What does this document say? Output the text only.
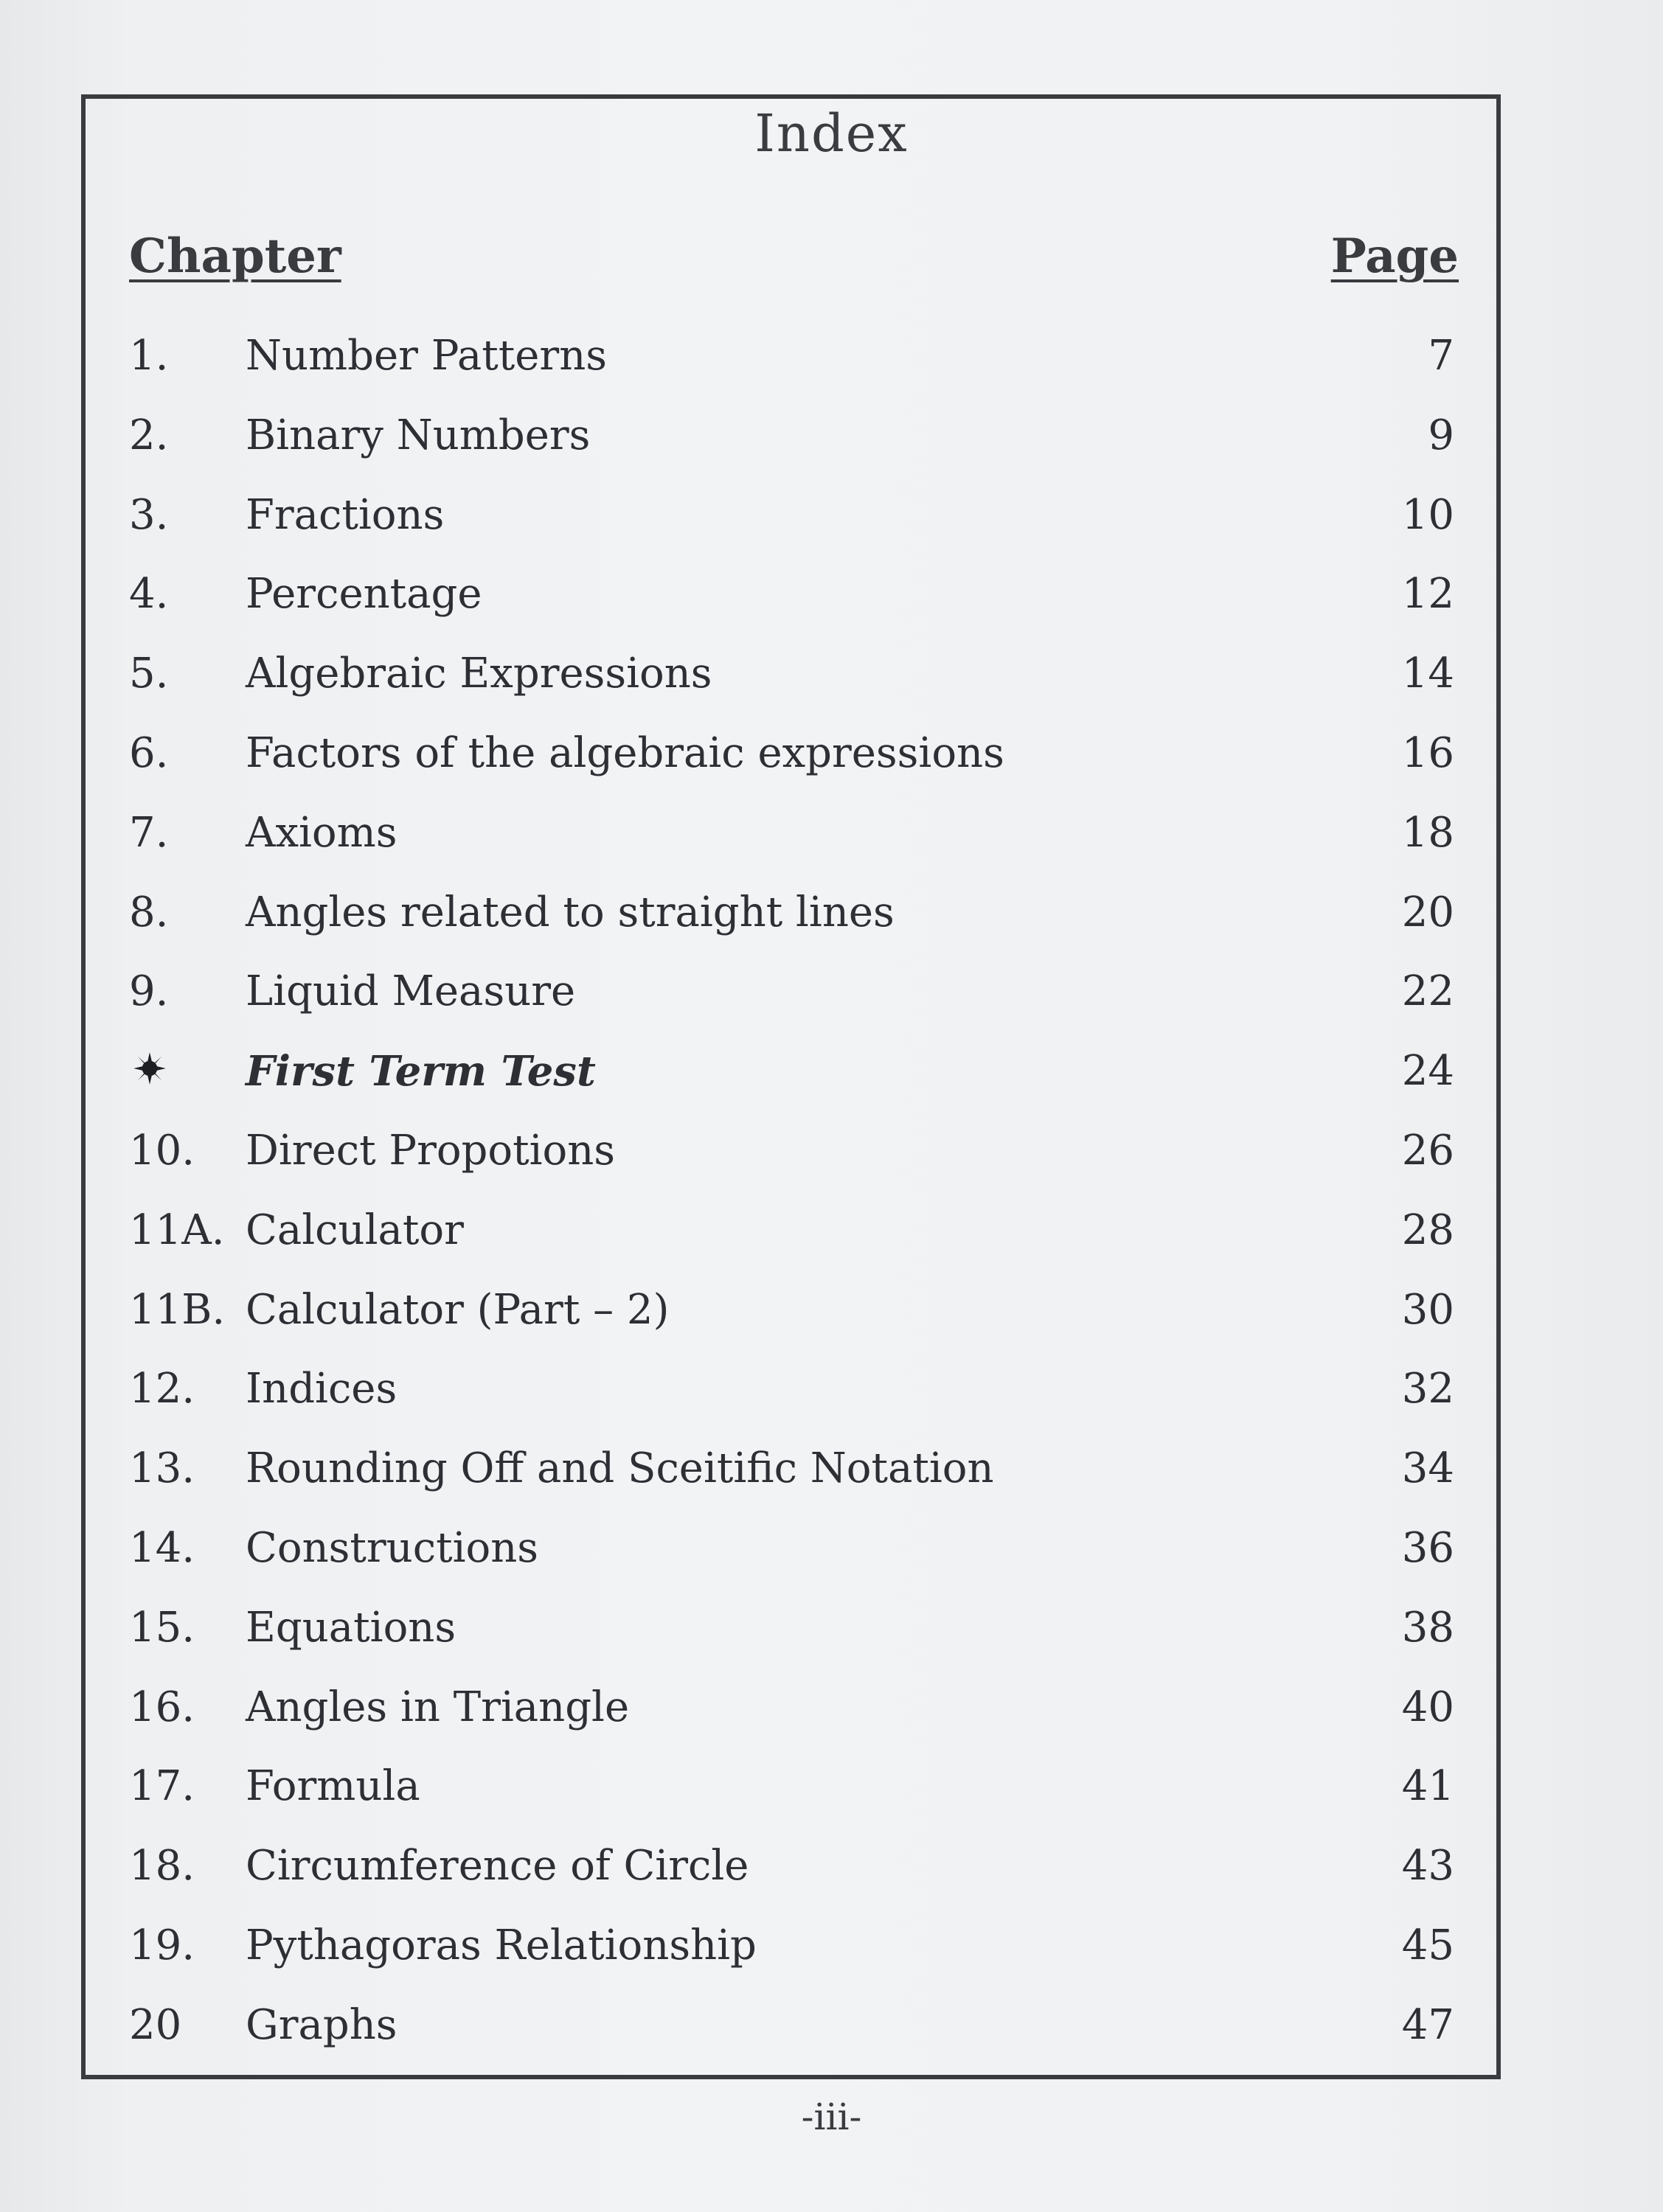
Index
Chapter	Page
1. Number Patterns	7
2. Binary Numbers	9
3. Fractions	10
4. Percentage	12
5. Algebraic Expressions	14
6. Factors of the algebraic expressions	16
7. Axioms	18
8. Angles related to straight lines	20
9. Liquid Measure	22
First Term Test	24
10. Direct Propotions	26
11A. Calculator	28
11B. Calculator (Part – 2)	30
12. Indices	32
13. Rounding Off and Sceitific Notation	34
14. Constructions	36
15. Equations	38
16. Angles in Triangle	40
17. Formula	41
18. Circumference of Circle	43
19. Pythagoras Relationship	45
20 Graphs	47
-iii-
